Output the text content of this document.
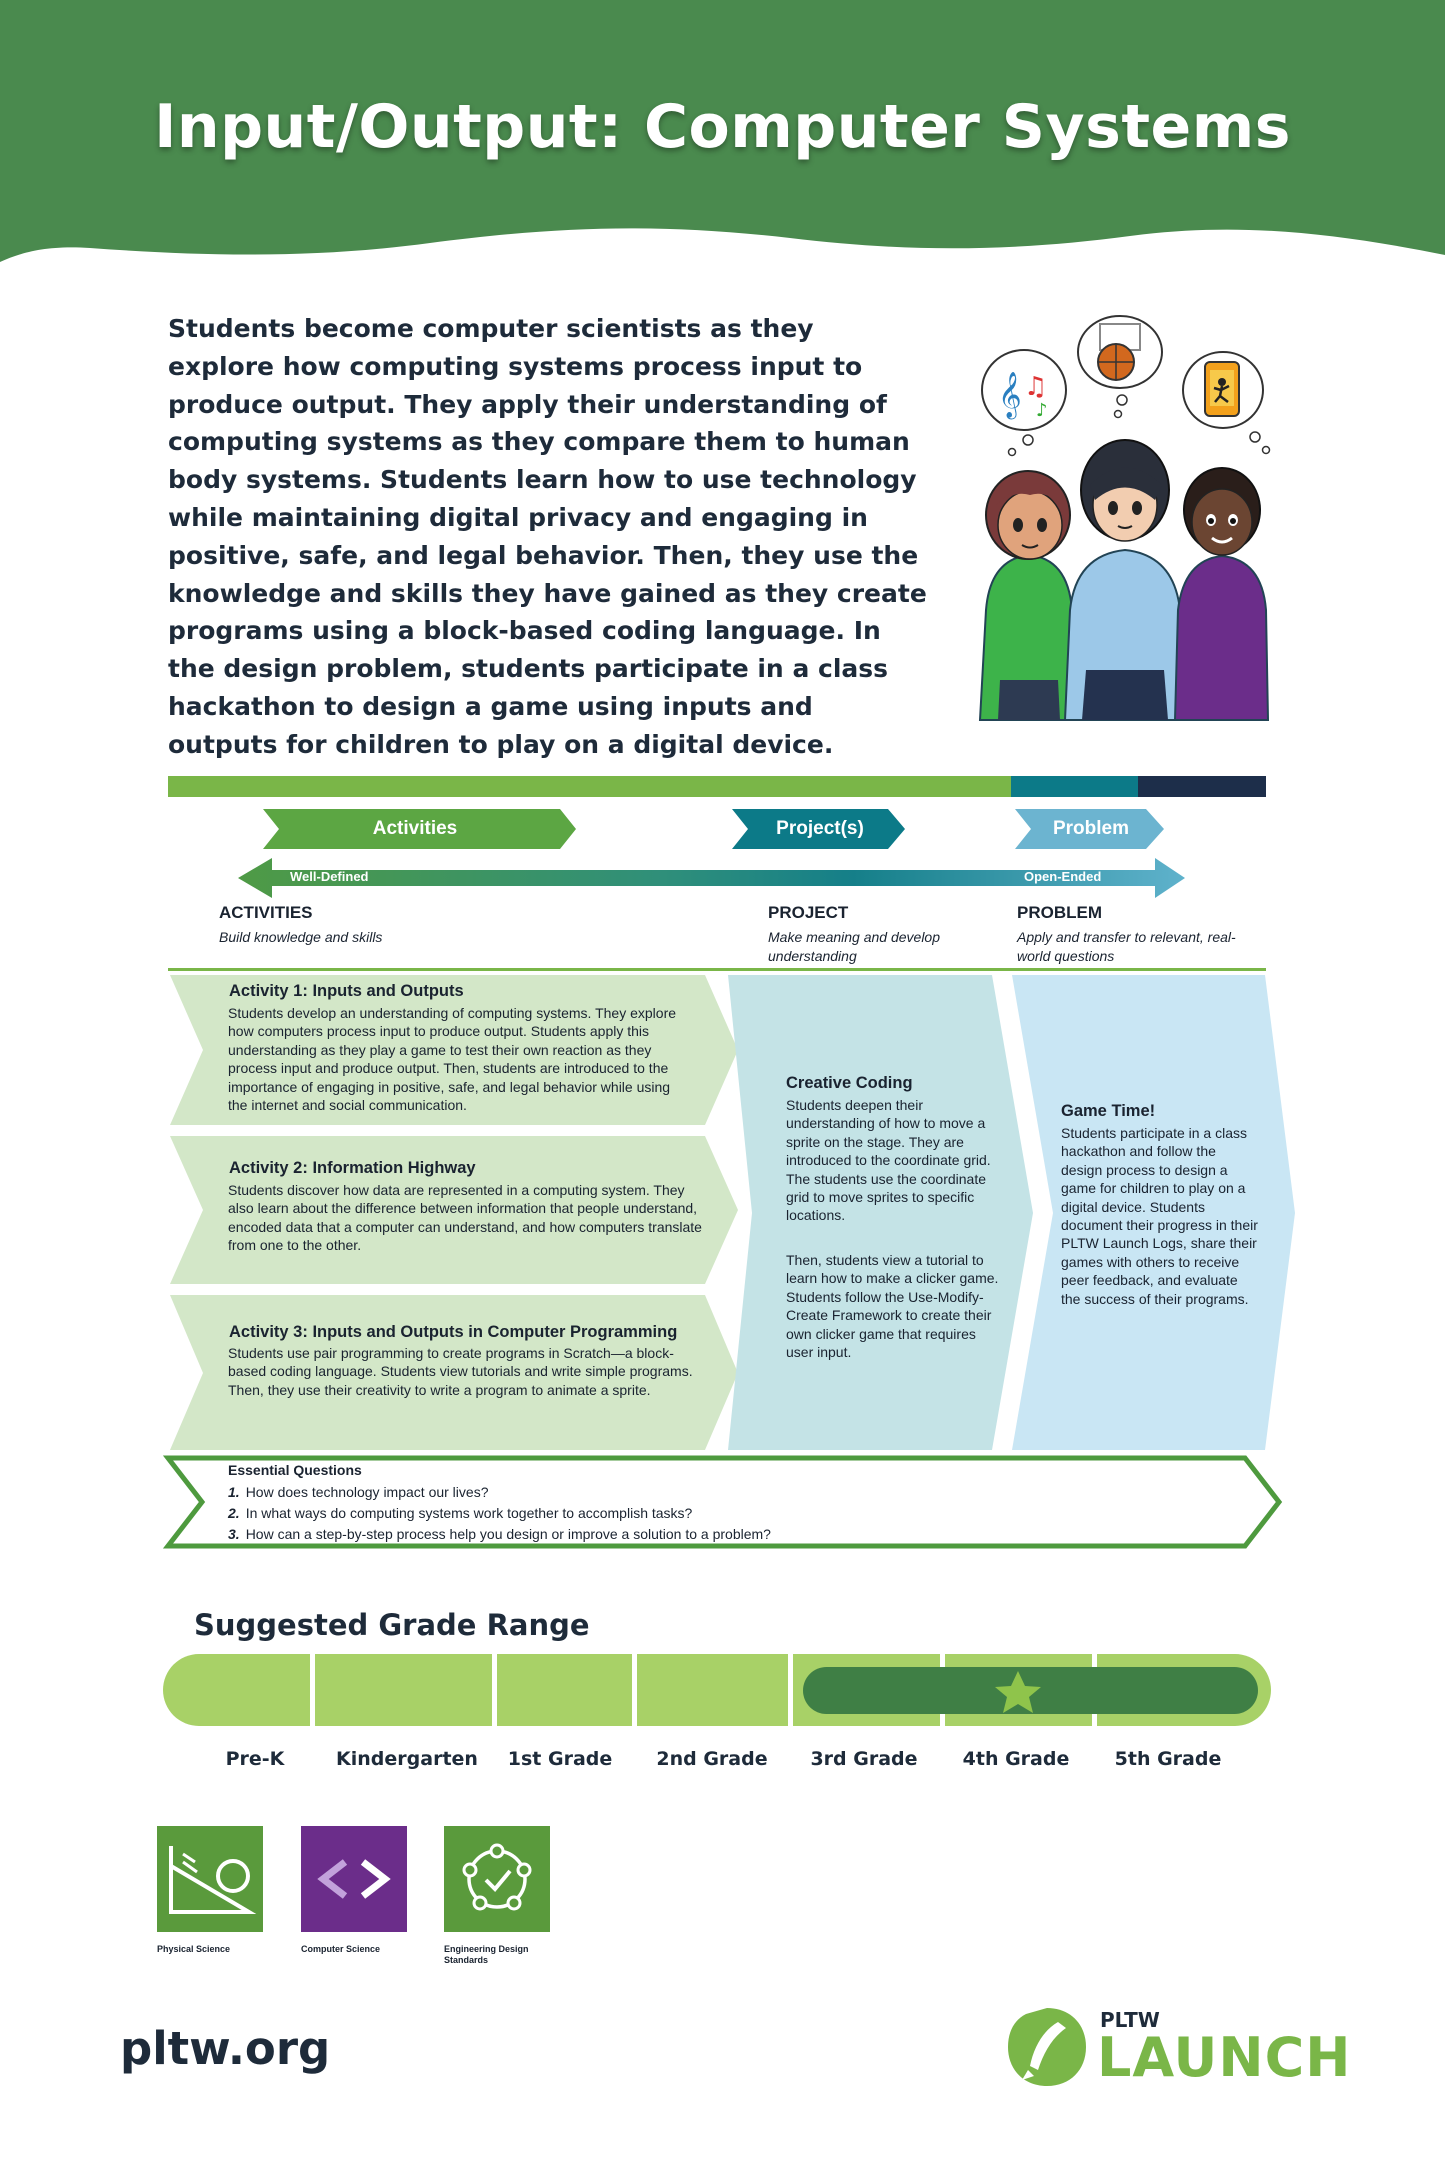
Input/Output: Computer Systems
Students become computer scientists as they explore how computing systems process input to produce output. They apply their understanding of computing systems as they compare them to human body systems. Students learn how to use technology while maintaining digital privacy and engaging in positive, safe, and legal behavior. Then, they use the knowledge and skills they have gained as they create programs using a block-based coding language. In the design problem, students participate in a class hackathon to design a game using inputs and outputs for children to play on a digital device.
𝄞 ♫
♪
Activities	Project(s)	Problem
Well-Defined	Open-Ended
ACTIVITIES
Build knowledge and skills
PROJECT
Make meaning and develop understanding
PROBLEM
Apply and transfer to relevant, real-world questions
Activity 1: Inputs and Outputs
Students develop an understanding of computing systems. They explore how computers process input to produce output. Students apply this understanding as they play a game to test their own reaction as they process input and produce output. Then, students are introduced to the importance of engaging in positive, safe, and legal behavior while using the internet and social communication.
Activity 2: Information Highway
Students discover how data are represented in a computing system. They also learn about the difference between information that people understand, encoded data that a computer can understand, and how computers translate from one to the other.
Activity 3: Inputs and Outputs in Computer Programming
Students use pair programming to create programs in Scratch—a block-based coding language. Students view tutorials and write simple programs. Then, they use their creativity to write a program to animate a sprite.
Creative Coding
Students deepen their understanding of how to move a sprite on the stage. They are introduced to the coordinate grid. The students use the coordinate grid to move sprites to specific locations.
Then, students view a tutorial to learn how to make a clicker game. Students follow the Use-Modify-Create Framework to create their own clicker game that requires user input.
Game Time!
Students participate in a class hackathon and follow the design process to design a game for children to play on a digital device. Students document their progress in their PLTW Launch Logs, share their games with others to receive peer feedback, and evaluate the success of their programs.
Essential Questions
1. How does technology impact our lives?
2. In what ways do computing systems work together to accomplish tasks?
3. How can a step-by-step process help you design or improve a solution to a problem?
Suggested Grade Range
Pre-K	Kindergarten	1st Grade	2nd Grade	3rd Grade	4th Grade	5th Grade
Physical Science	Computer Science	Engineering Design Standards
pltw.org
PLTW
LAUNCH
